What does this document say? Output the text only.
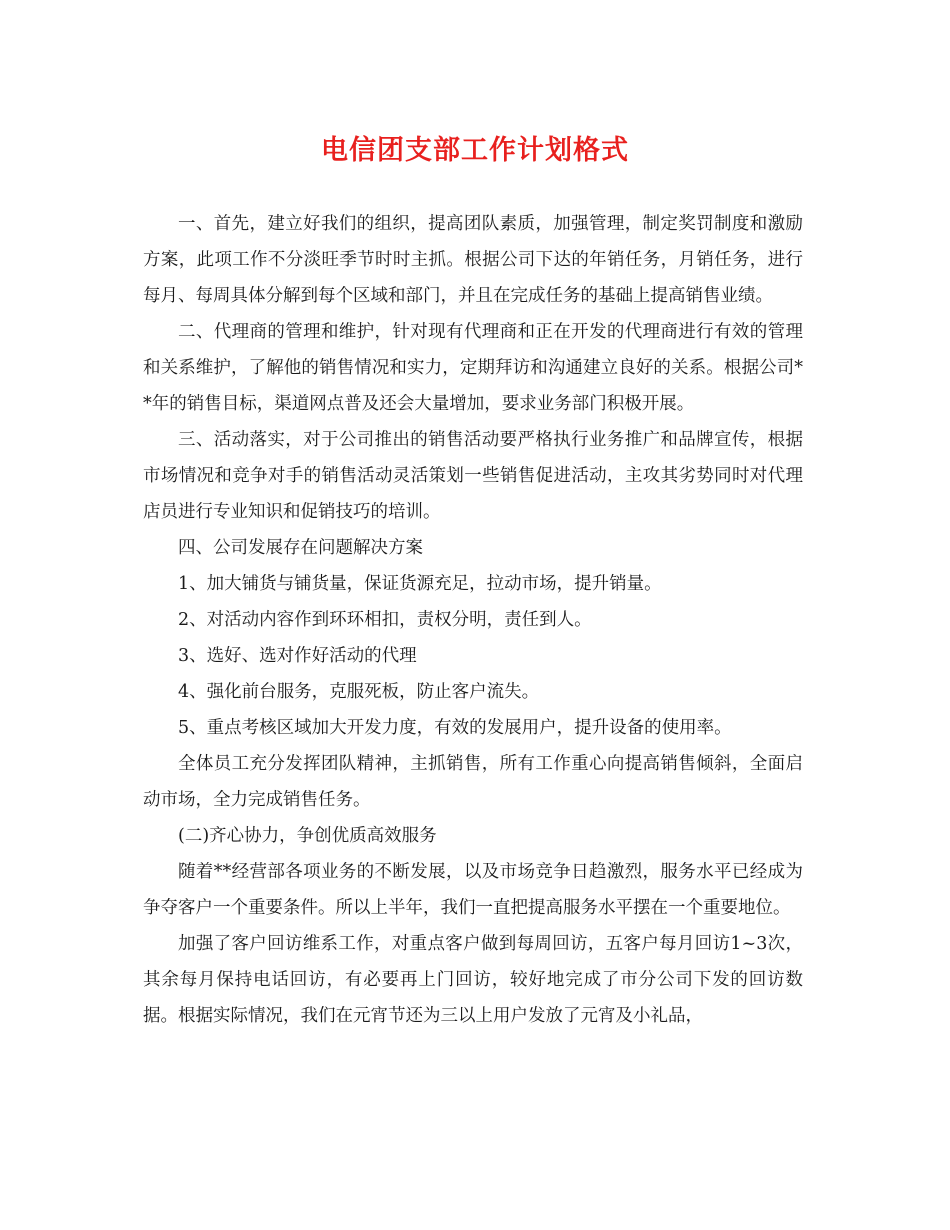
电信团支部工作计划格式

一、首先，建立好我们的组织，提高团队素质，加强管理，制定奖罚制度和激励方案，此项工作不分淡旺季节时时主抓。根据公司下达的年销任务，月销任务，进行每月、每周具体分解到每个区域和部门，并且在完成任务的基础上提高销售业绩。

二、代理商的管理和维护，针对现有代理商和正在开发的代理商进行有效的管理和关系维护，了解他的销售情况和实力，定期拜访和沟通建立良好的关系。根据公司**年的销售目标，渠道网点普及还会大量增加，要求业务部门积极开展。

三、活动落实，对于公司推出的销售活动要严格执行业务推广和品牌宣传，根据市场情况和竞争对手的销售活动灵活策划一些销售促进活动，主攻其劣势同时对代理店员进行专业知识和促销技巧的培训。

四、公司发展存在问题解决方案

1、加大铺货与铺货量，保证货源充足，拉动市场，提升销量。

2、对活动内容作到环环相扣，责权分明，责任到人。

3、选好、选对作好活动的代理

4、强化前台服务，克服死板，防止客户流失。

5、重点考核区域加大开发力度，有效的发展用户，提升设备的使用率。

全体员工充分发挥团队精神，主抓销售，所有工作重心向提高销售倾斜，全面启动市场，全力完成销售任务。

(二)齐心协力，争创优质高效服务

随着**经营部各项业务的不断发展，以及市场竞争日趋激烈，服务水平已经成为争夺客户一个重要条件。所以上半年，我们一直把提高服务水平摆在一个重要地位。

加强了客户回访维系工作，对重点客户做到每周回访，五客户每月回访1~3次，其余每月保持电话回访，有必要再上门回访，较好地完成了市分公司下发的回访数据。根据实际情况，我们在元宵节还为三以上用户发放了元宵及小礼品，
